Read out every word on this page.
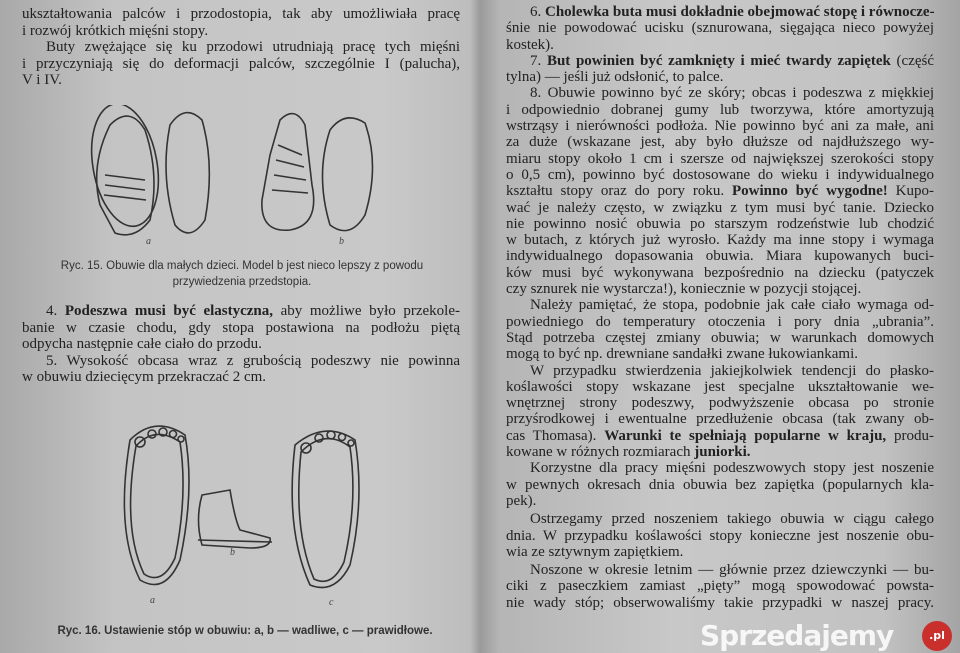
ukształtowania palców i przodostopia, tak aby umożliwiała pracę
i rozwój krótkich mięśni stopy.
Buty zwężające się ku przodowi utrudniają pracę tych mięśni
i przyczyniają się do deformacji palców, szczególnie I (palucha),
V i IV.
a	b
Ryc. 15. Obuwie dla małych dzieci. Model b jest nieco lepszy z powodu
przywiedzenia przedstopia.
4. Podeszwa musi być elastyczna, aby możliwe było przekole-
banie w czasie chodu, gdy stopa postawiona na podłożu piętą
odpycha następnie całe ciało do przodu.
5. Wysokość obcasa wraz z grubością podeszwy nie powinna
w obuwiu dziecięcym przekraczać 2 cm.
a
b
c
Ryc. 16. Ustawienie stóp w obuwiu: a, b — wadliwe, c — prawidłowe.
6. Cholewka buta musi dokładnie obejmować stopę i równocze-
śnie nie powodować ucisku (sznurowana, sięgająca nieco powyżej
kostek).
7. But powinien być zamknięty i mieć twardy zapiętek (część
tylna) — jeśli już odsłonić, to palce.
8. Obuwie powinno być ze skóry; obcas i podeszwa z miękkiej
i odpowiednio dobranej gumy lub tworzywa, które amortyzują
wstrząsy i nierówności podłoża. Nie powinno być ani za małe, ani
za duże (wskazane jest, aby było dłuższe od najdłuższego wy-
miaru stopy około 1 cm i szersze od największej szerokości stopy
o 0,5 cm), powinno być dostosowane do wieku i indywidualnego
kształtu stopy oraz do pory roku. Powinno być wygodne! Kupo-
wać je należy często, w związku z tym musi być tanie. Dziecko
nie powinno nosić obuwia po starszym rodzeństwie lub chodzić
w butach, z których już wyrosło. Każdy ma inne stopy i wymaga
indywidualnego dopasowania obuwia. Miara kupowanych buci-
ków musi być wykonywana bezpośrednio na dziecku (patyczek
czy sznurek nie wystarcza!), koniecznie w pozycji stojącej.
Należy pamiętać, że stopa, podobnie jak całe ciało wymaga od-
powiedniego do temperatury otoczenia i pory dnia „ubrania”.
Stąd potrzeba częstej zmiany obuwia; w warunkach domowych
mogą to być np. drewniane sandałki zwane łukowiankami.
W przypadku stwierdzenia jakiejkolwiek tendencji do płasko-
koślawości stopy wskazane jest specjalne ukształtowanie we-
wnętrznej strony podeszwy, podwyższenie obcasa po stronie
przyśrodkowej i ewentualne przedłużenie obcasa (tak zwany ob-
cas Thomasa). Warunki te spełniają popularne w kraju, produ-
kowane w różnych rozmiarach juniorki.
Korzystne dla pracy mięśni podeszwowych stopy jest noszenie
w pewnych okresach dnia obuwia bez zapiętka (popularnych kla-
pek).
Ostrzegamy przed noszeniem takiego obuwia w ciągu całego
dnia. W przypadku koślawości stopy konieczne jest noszenie obu-
wia ze sztywnym zapiętkiem.
Noszone w okresie letnim — głównie przez dziewczynki — bu-
ciki z paseczkiem zamiast „pięty” mogą spowodować powsta-
nie wady stóp; obserwowaliśmy takie przypadki w naszej pracy.
Sprzedajemy	.pl
